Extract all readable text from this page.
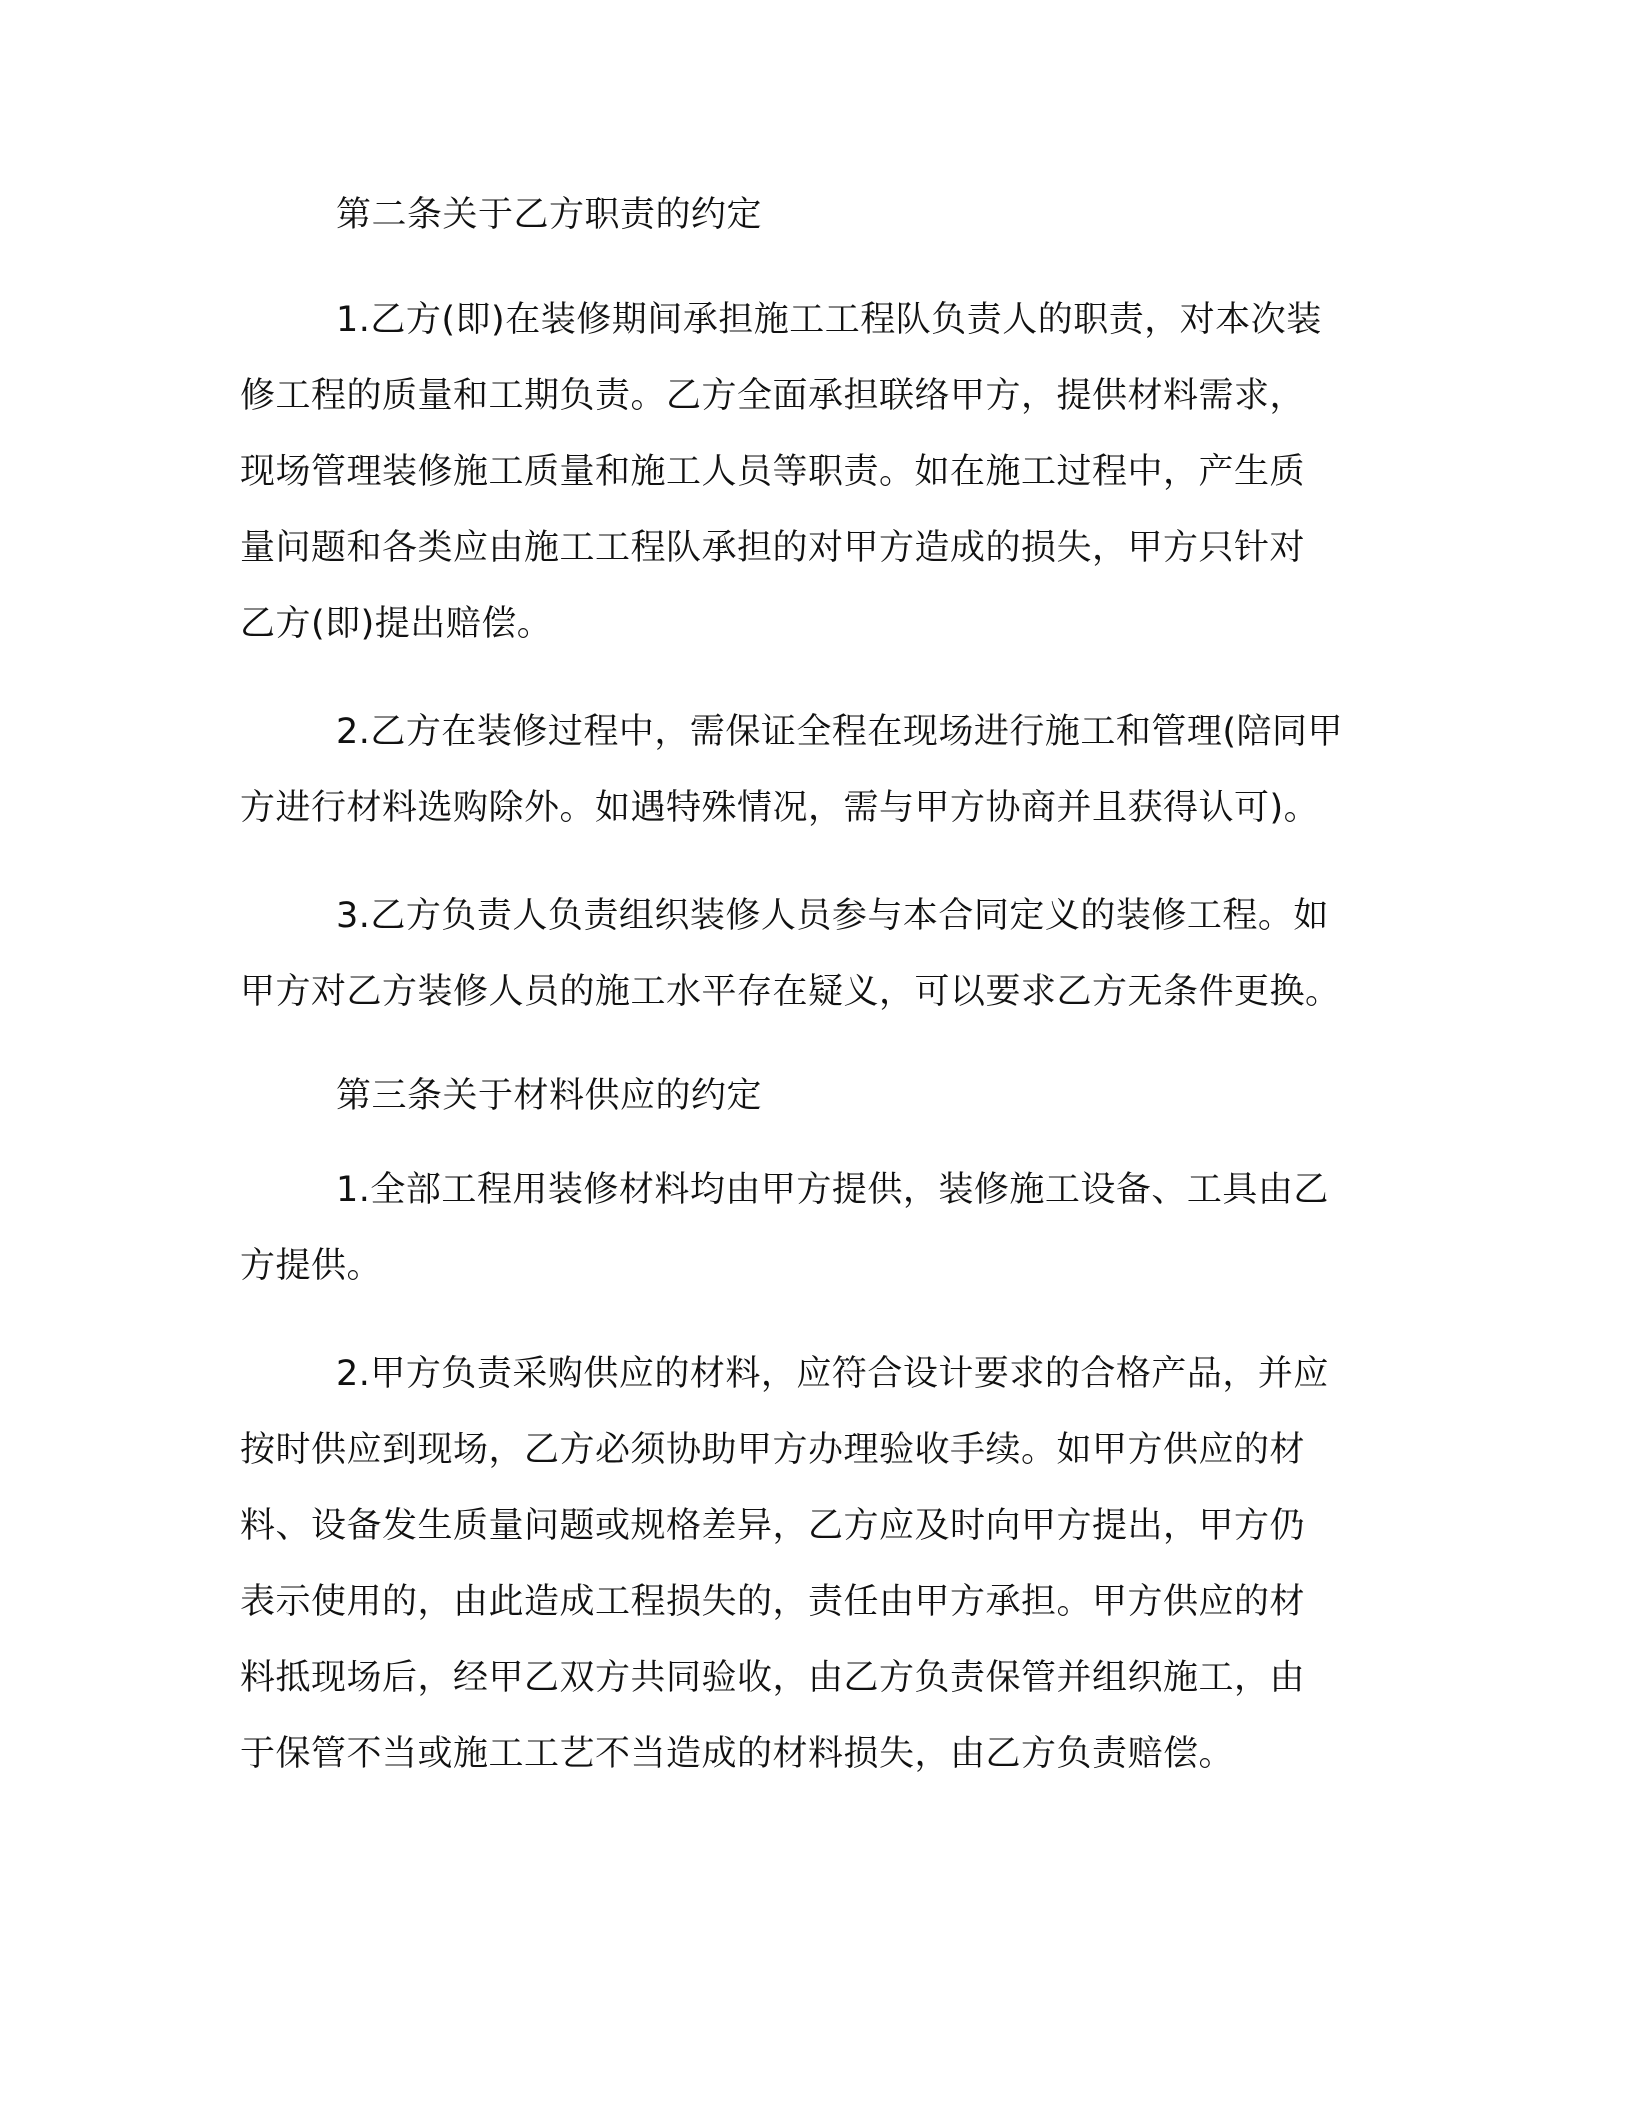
第二条关于乙方职责的约定

1.乙方(即)在装修期间承担施工工程队负责人的职责，对本次装
修工程的质量和工期负责。乙方全面承担联络甲方，提供材料需求，
现场管理装修施工质量和施工人员等职责。如在施工过程中，产生质
量问题和各类应由施工工程队承担的对甲方造成的损失，甲方只针对
乙方(即)提出赔偿。
2.乙方在装修过程中，需保证全程在现场进行施工和管理(陪同甲
方进行材料选购除外。如遇特殊情况，需与甲方协商并且获得认可)。
3.乙方负责人负责组织装修人员参与本合同定义的装修工程。如
甲方对乙方装修人员的施工水平存在疑义，可以要求乙方无条件更换。

第三条关于材料供应的约定

1.全部工程用装修材料均由甲方提供，装修施工设备、工具由乙
方提供。
2.甲方负责采购供应的材料，应符合设计要求的合格产品，并应
按时供应到现场，乙方必须协助甲方办理验收手续。如甲方供应的材
料、设备发生质量问题或规格差异，乙方应及时向甲方提出，甲方仍
表示使用的，由此造成工程损失的，责任由甲方承担。甲方供应的材
料抵现场后，经甲乙双方共同验收，由乙方负责保管并组织施工，由
于保管不当或施工工艺不当造成的材料损失，由乙方负责赔偿。
